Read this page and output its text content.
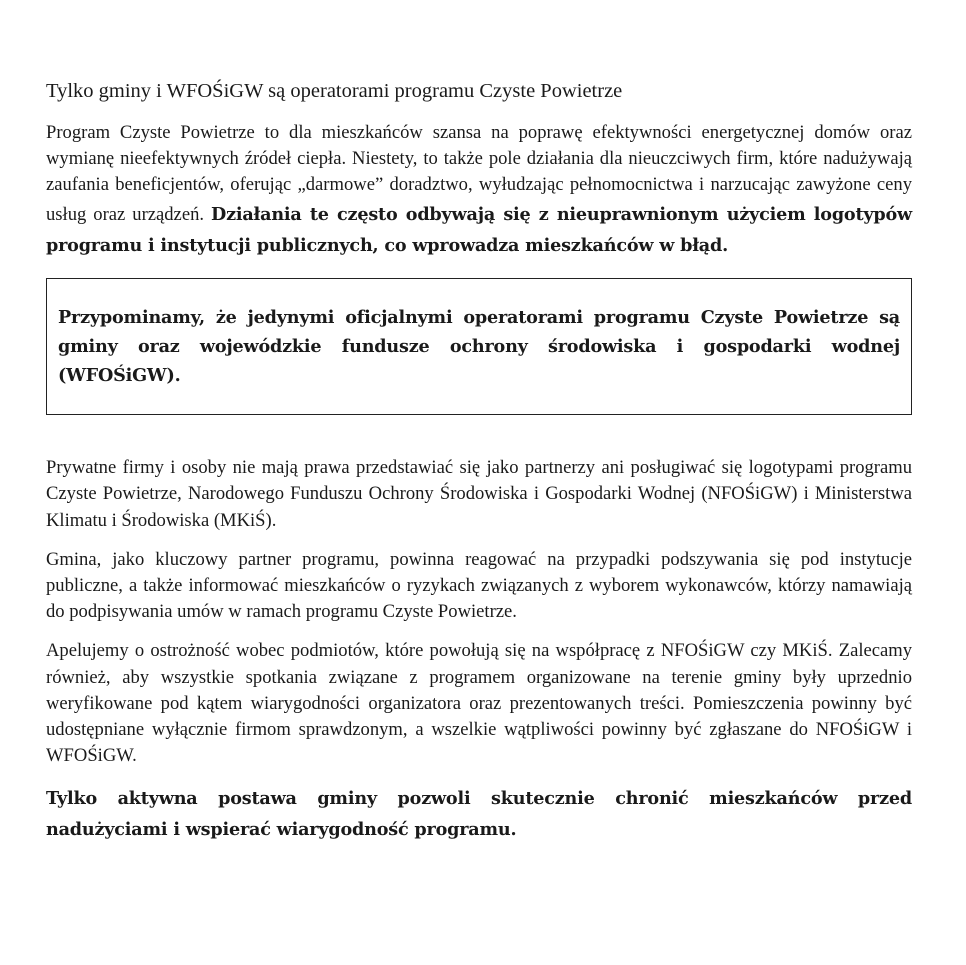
Tylko gminy i WFOŚiGW są operatorami programu Czyste Powietrze

Program Czyste Powietrze to dla mieszkańców szansa na poprawę efektywności energetycznej domów oraz wymianę nieefektywnych źródeł ciepła. Niestety, to także pole działania dla nieuczciwych firm, które nadużywają zaufania beneficjentów, oferując „darmowe” doradztwo, wyłudzając pełnomocnictwa i narzucając zawyżone ceny usług oraz urządzeń. Działania te często odbywają się z nieuprawnionym użyciem logotypów programu i instytucji publicznych, co wprowadza mieszkańców w błąd.

Przypominamy, że jedynymi oficjalnymi operatorami programu Czyste Powietrze są gminy oraz wojewódzkie fundusze ochrony środowiska i gospodarki wodnej (WFOŚiGW).

Prywatne firmy i osoby nie mają prawa przedstawiać się jako partnerzy ani posługiwać się logotypami programu Czyste Powietrze, Narodowego Funduszu Ochrony Środowiska i Gospodarki Wodnej (NFOŚiGW) i Ministerstwa Klimatu i Środowiska (MKiŚ).

Gmina, jako kluczowy partner programu, powinna reagować na przypadki podszywania się pod instytucje publiczne, a także informować mieszkańców o ryzykach związanych z wyborem wykonawców, którzy namawiają do podpisywania umów w ramach programu Czyste Powietrze.

Apelujemy o ostrożność wobec podmiotów, które powołują się na współpracę z NFOŚiGW czy MKiŚ. Zalecamy również, aby wszystkie spotkania związane z programem organizowane na terenie gminy były uprzednio weryfikowane pod kątem wiarygodności organizatora oraz prezentowanych treści. Pomieszczenia powinny być udostępniane wyłącznie firmom sprawdzonym, a wszelkie wątpliwości powinny być zgłaszane do NFOŚiGW i WFOŚiGW.

Tylko aktywna postawa gminy pozwoli skutecznie chronić mieszkańców przed nadużyciami i wspierać wiarygodność programu.
